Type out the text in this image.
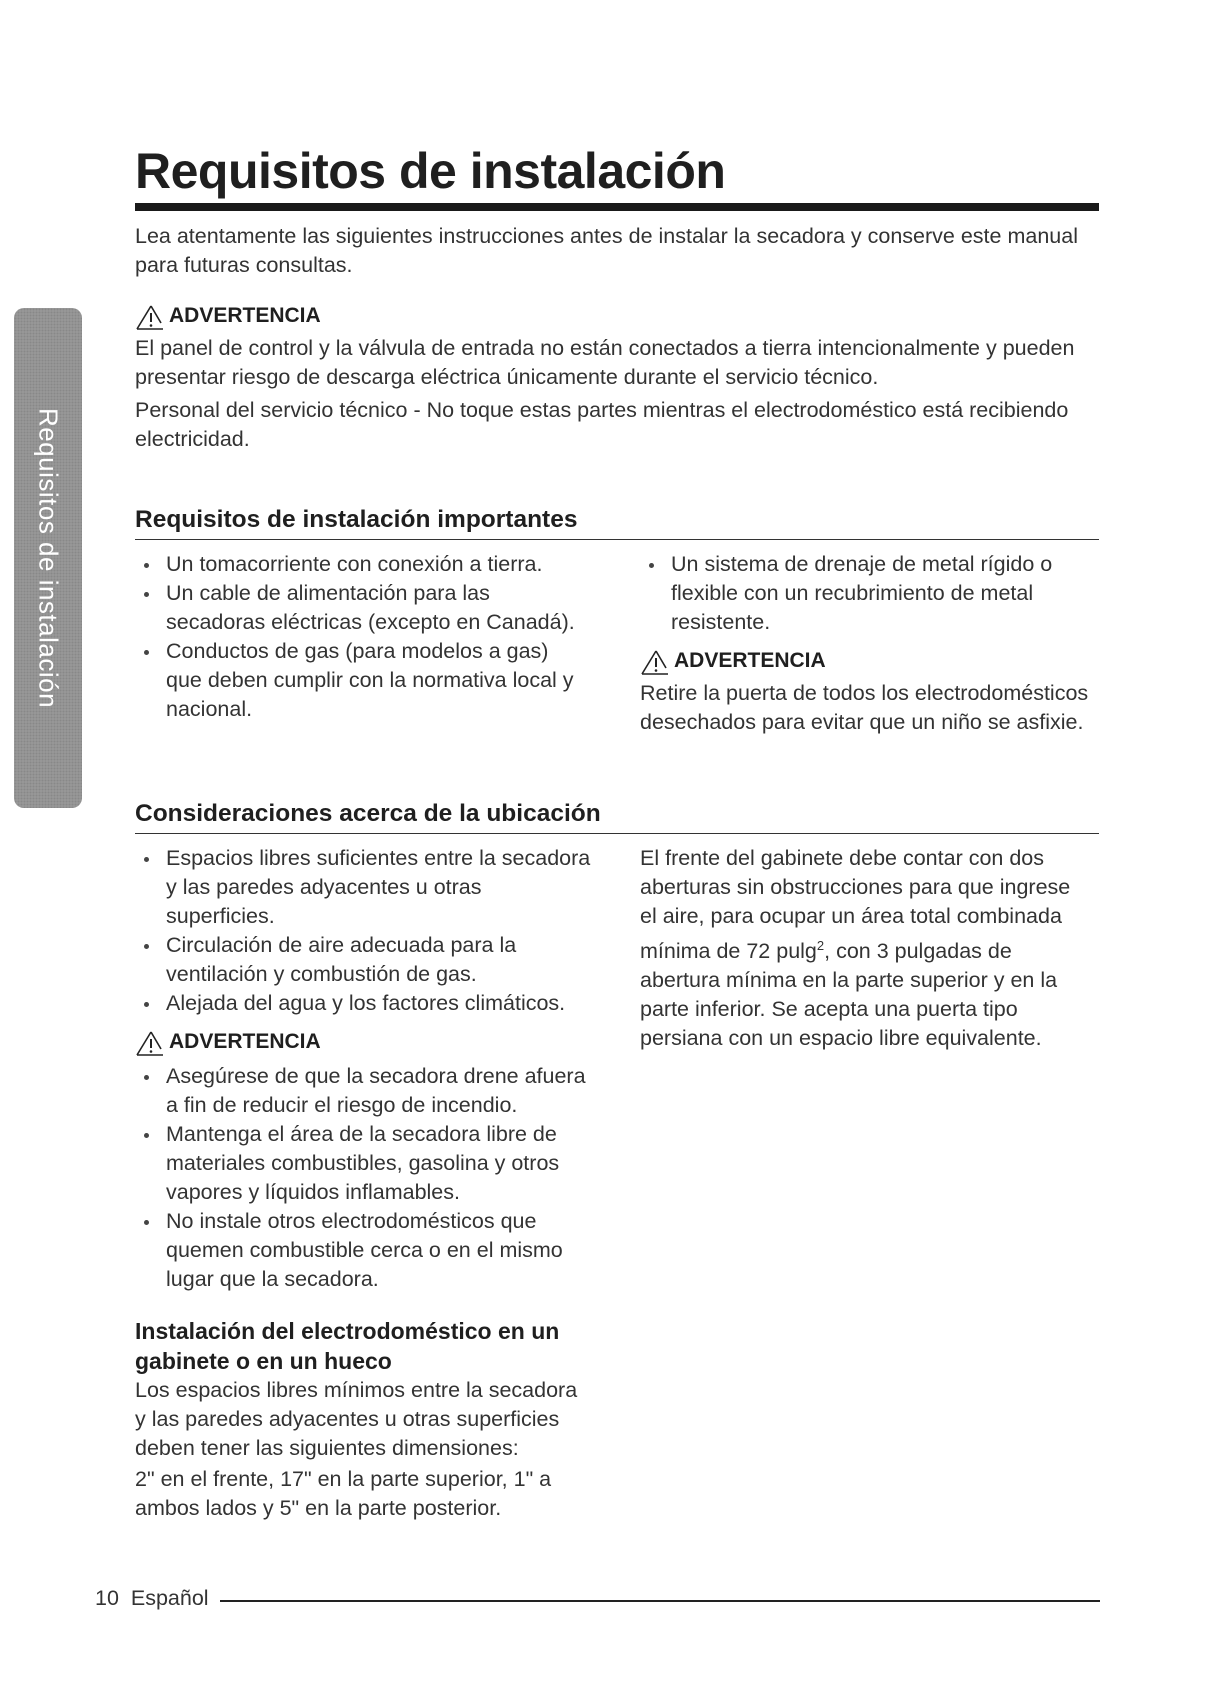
Requisitos de instalación
Requisitos de instalación

Lea atentamente las siguientes instrucciones antes de instalar la secadora y conserve este manual para futuras consultas.

ADVERTENCIA

El panel de control y la válvula de entrada no están conectados a tierra intencionalmente y pueden presentar riesgo de descarga eléctrica únicamente durante el servicio técnico.

Personal del servicio técnico - No toque estas partes mientras el electrodoméstico está recibiendo electricidad.

Requisitos de instalación importantes
Un tomacorriente con conexión a tierra.
Un cable de alimentación para las secadoras eléctricas (excepto en Canadá).
Conductos de gas (para modelos a gas) que deben cumplir con la normativa local y nacional.
Un sistema de drenaje de metal rígido o flexible con un recubrimiento de metal resistente.
ADVERTENCIA

Retire la puerta de todos los electrodomésticos desechados para evitar que un niño se asfixie.

Consideraciones acerca de la ubicación
Espacios libres suficientes entre la secadora y las paredes adyacentes u otras superficies.
Circulación de aire adecuada para la ventilación y combustión de gas.
Alejada del agua y los factores climáticos.
ADVERTENCIA
Asegúrese de que la secadora drene afuera a fin de reducir el riesgo de incendio.
Mantenga el área de la secadora libre de materiales combustibles, gasolina y otros vapores y líquidos inflamables.
No instale otros electrodomésticos que quemen combustible cerca o en el mismo lugar que la secadora.
Instalación del electrodoméstico en un gabinete o en un hueco

Los espacios libres mínimos entre la secadora y las paredes adyacentes u otras superficies deben tener las siguientes dimensiones:

2" en el frente, 17" en la parte superior, 1" a ambos lados y 5" en la parte posterior.

El frente del gabinete debe contar con dos aberturas sin obstrucciones para que ingrese el aire, para ocupar un área total combinada mínima de 72 pulg$^2$, con 3 pulgadas de abertura mínima en la parte superior y en la parte inferior. Se acepta una puerta tipo persiana con un espacio libre equivalente.

10 Español
